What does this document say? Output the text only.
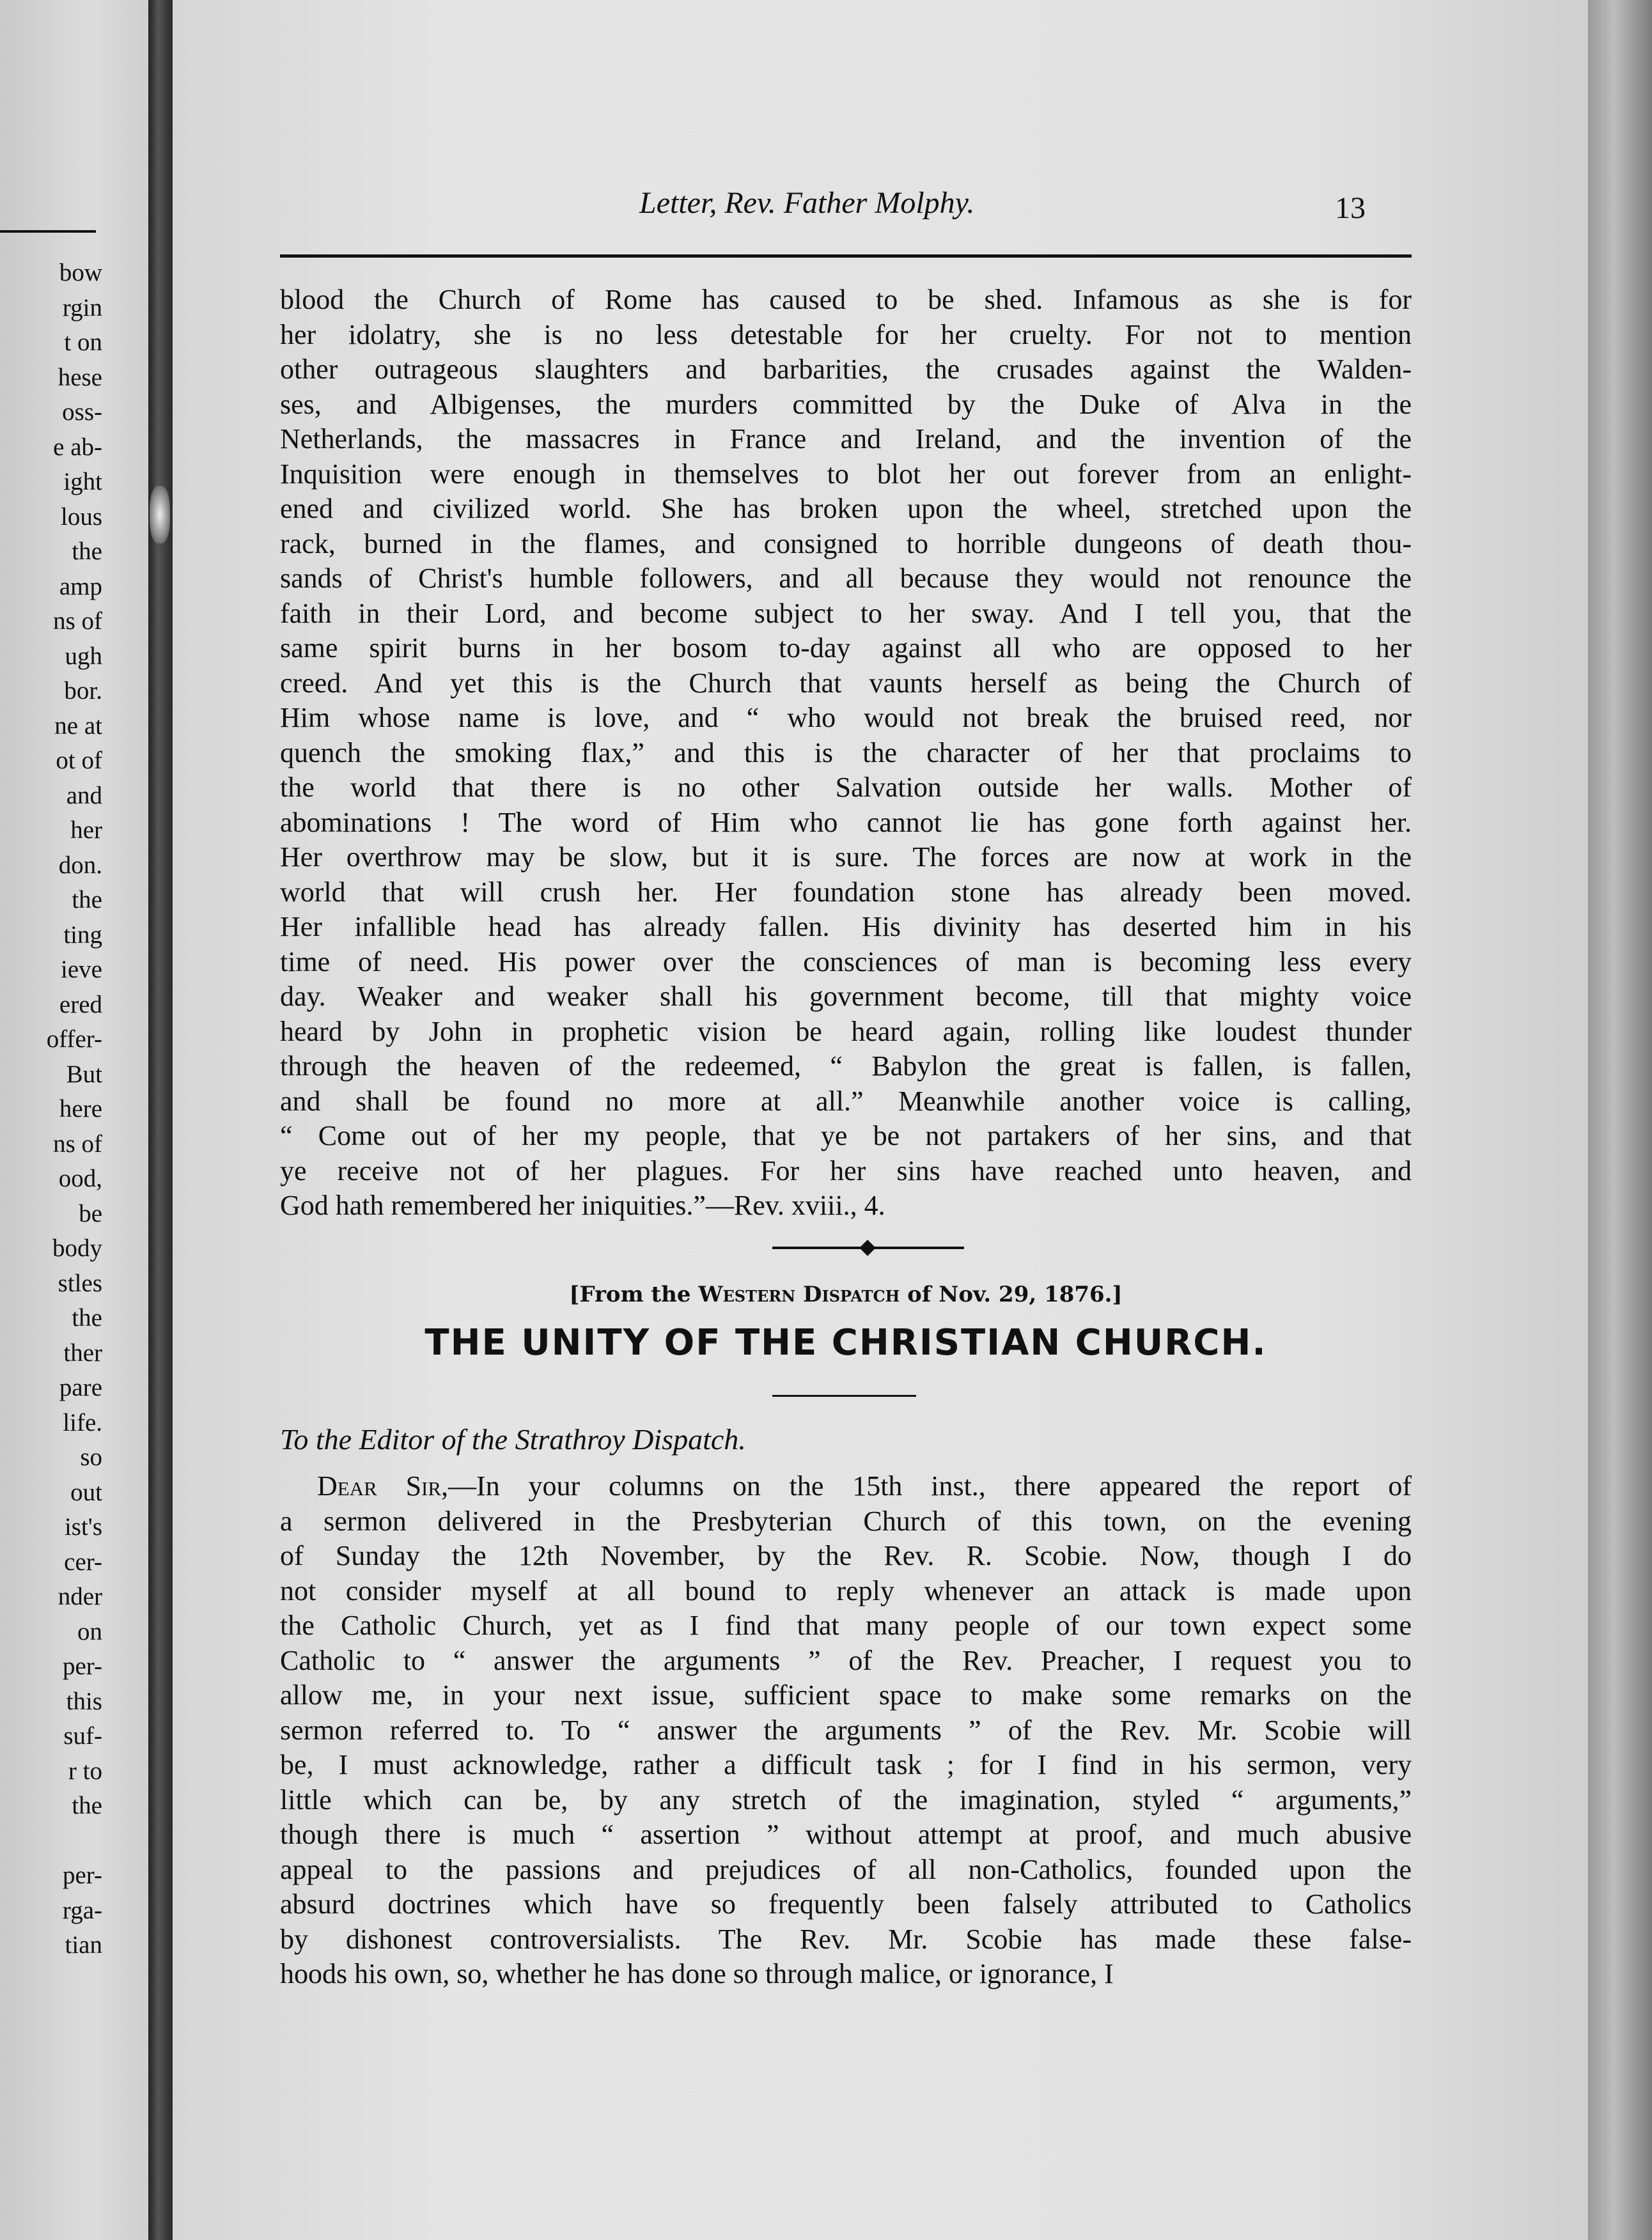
bow
rgin
t on
hese
oss-
e ab-
ight
lous
the
amp
ns of
ugh
bor.
ne at
ot of
and
her
don.
the
ting
ieve
ered
offer-
But
here
ns of
ood,
be
body
stles
the
ther
pare
life.
so
out
ist's
cer-
nder
on
per-
this
suf-
r to
the
per-
rga-
tian
Letter, Rev. Father Molphy.	13
blood the Church of Rome has caused to be shed. Infamous as she is for
her idolatry, she is no less detestable for her cruelty. For not to mention
other outrageous slaughters and barbarities, the crusades against the Walden-
ses, and Albigenses, the murders committed by the Duke of Alva in the
Netherlands, the massacres in France and Ireland, and the invention of the
Inquisition were enough in themselves to blot her out forever from an enlight-
ened and civilized world. She has broken upon the wheel, stretched upon the
rack, burned in the flames, and consigned to horrible dungeons of death thou-
sands of Christ's humble followers, and all because they would not renounce the
faith in their Lord, and become subject to her sway. And I tell you, that the
same spirit burns in her bosom to-day against all who are opposed to her
creed. And yet this is the Church that vaunts herself as being the Church of
Him whose name is love, and “ who would not break the bruised reed, nor
quench the smoking flax,” and this is the character of her that proclaims to
the world that there is no other Salvation outside her walls. Mother of
abominations ! The word of Him who cannot lie has gone forth against her.
Her overthrow may be slow, but it is sure. The forces are now at work in the
world that will crush her. Her foundation stone has already been moved.
Her infallible head has already fallen. His divinity has deserted him in his
time of need. His power over the consciences of man is becoming less every
day. Weaker and weaker shall his government become, till that mighty voice
heard by John in prophetic vision be heard again, rolling like loudest thunder
through the heaven of the redeemed, “ Babylon the great is fallen, is fallen,
and shall be found no more at all.” Meanwhile another voice is calling,
“ Come out of her my people, that ye be not partakers of her sins, and that
ye receive not of her plagues. For her sins have reached unto heaven, and
God hath remembered her iniquities.”—Rev. xviii., 4.
[From the Western Dispatch of Nov. 29, 1876.]
THE UNITY OF THE CHRISTIAN CHURCH.
To the Editor of the Strathroy Dispatch.
Dear Sir,—In your columns on the 15th inst., there appeared the report of
a sermon delivered in the Presbyterian Church of this town, on the evening
of Sunday the 12th November, by the Rev. R. Scobie. Now, though I do
not consider myself at all bound to reply whenever an attack is made upon
the Catholic Church, yet as I find that many people of our town expect some
Catholic to “ answer the arguments ” of the Rev. Preacher, I request you to
allow me, in your next issue, sufficient space to make some remarks on the
sermon referred to. To “ answer the arguments ” of the Rev. Mr. Scobie will
be, I must acknowledge, rather a difficult task ; for I find in his sermon, very
little which can be, by any stretch of the imagination, styled “ arguments,”
though there is much “ assertion ” without attempt at proof, and much abusive
appeal to the passions and prejudices of all non-Catholics, founded upon the
absurd doctrines which have so frequently been falsely attributed to Catholics
by dishonest controversialists. The Rev. Mr. Scobie has made these false-
hoods his own, so, whether he has done so through malice, or ignorance, I
